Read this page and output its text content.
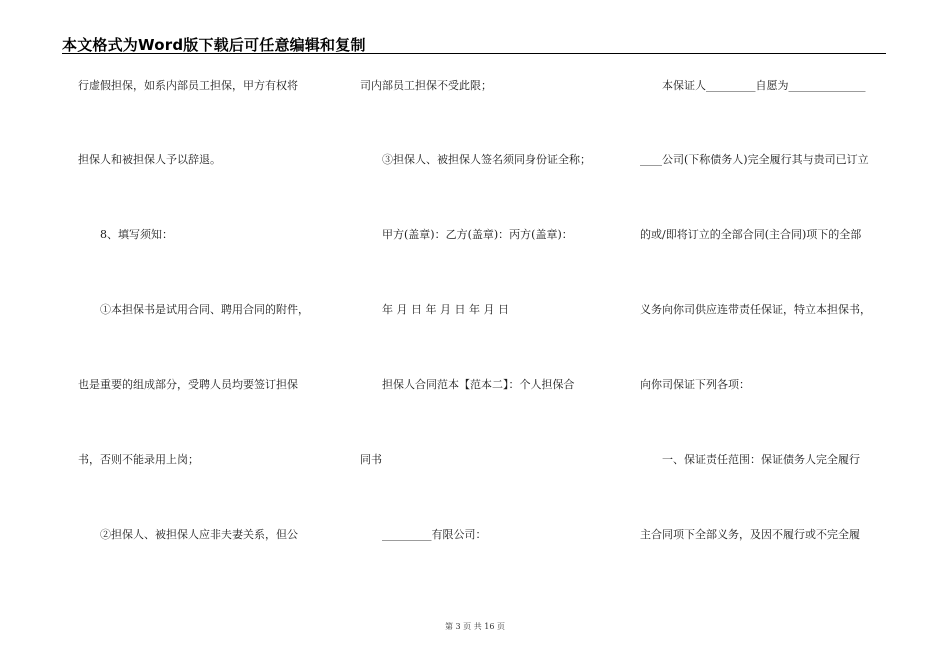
本文格式为Word版下载后可任意编辑和复制
行虚假担保，如系内部员工担保，甲方有权将
担保人和被担保人予以辞退。
8、填写须知：
①本担保书是试用合同、聘用合同的附件，
也是重要的组成部分，受聘人员均要签订担保
书，否则不能录用上岗；
②担保人、被担保人应非夫妻关系，但公
司内部员工担保不受此限；
③担保人、被担保人签名须同身份证全称；
甲方(盖章)：乙方(盖章)：丙方(盖章)：
年 月 日 年 月 日 年 月 日
担保人合同范本【范本二】：个人担保合
同书
_________有限公司：
本保证人_________自愿为______________
____公司(下称债务人)完全履行其与贵司已订立
的或/即将订立的全部合同(主合同)项下的全部
义务向你司供应连带责任保证，特立本担保书，
向你司保证下列各项：
一、保证责任范围：保证债务人完全履行
主合同项下全部义务，及因不履行或不完全履
第 3 页 共 16 页
